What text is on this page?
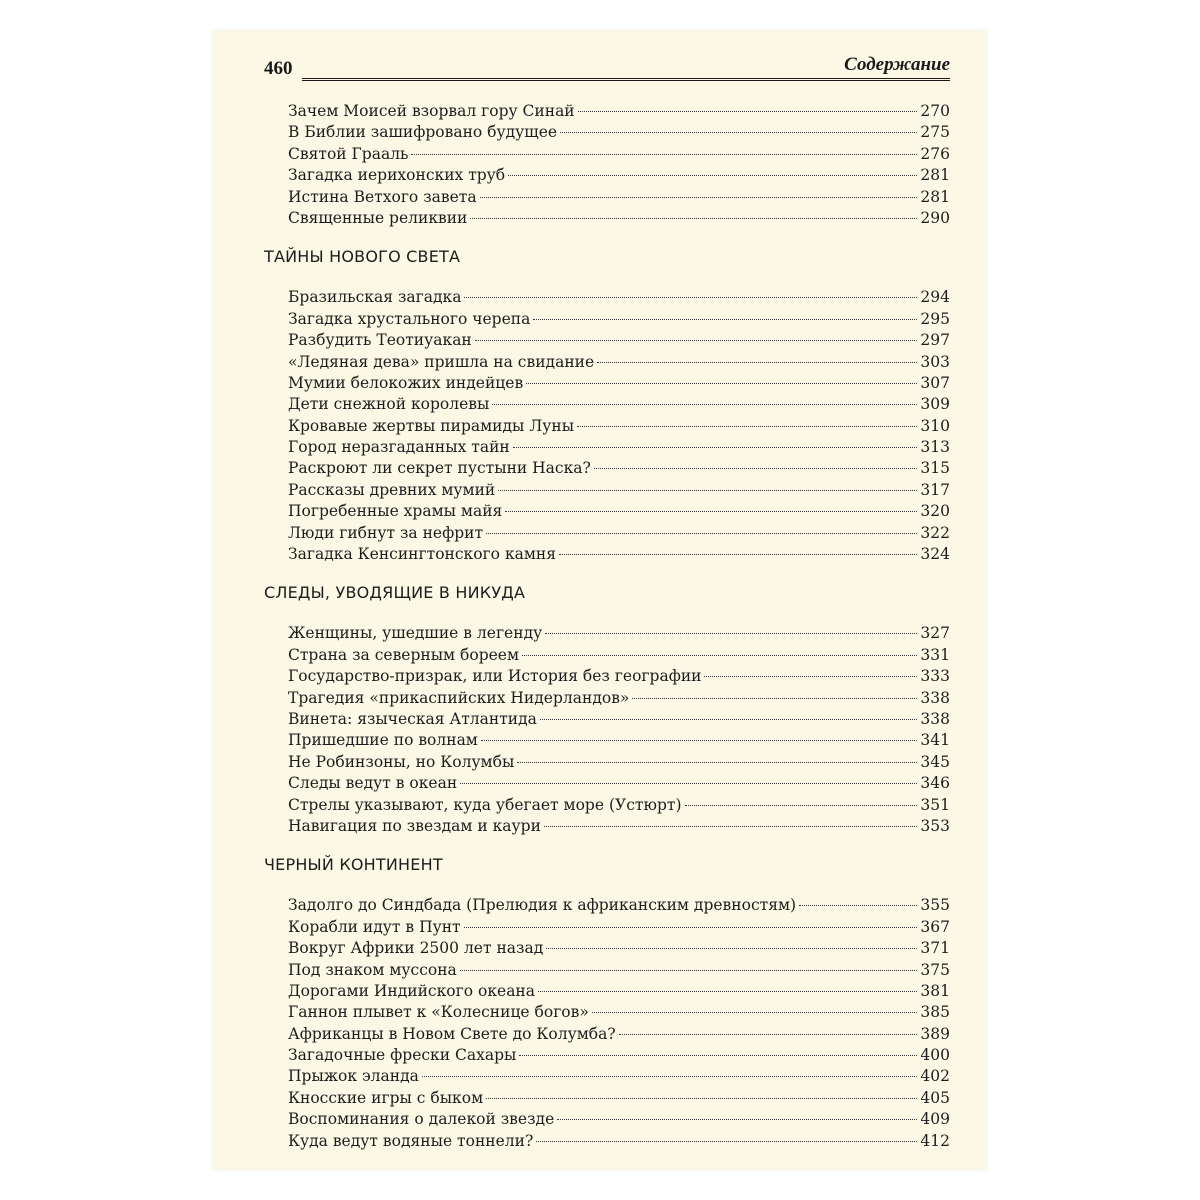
460	Содержание
Зачем Моисей взорвал гору Синай	270
В Библии зашифровано будущее	275
Святой Грааль	276
Загадка иерихонских труб	281
Истина Ветхого завета	281
Священные реликвии	290
ТАЙНЫ НОВОГО СВЕТА
Бразильская загадка	294
Загадка хрустального черепа	295
Разбудить Теотиуакан	297
«Ледяная дева» пришла на свидание	303
Мумии белокожих индейцев	307
Дети снежной королевы	309
Кровавые жертвы пирамиды Луны	310
Город неразгаданных тайн	313
Раскроют ли секрет пустыни Наска?	315
Рассказы древних мумий	317
Погребенные храмы майя	320
Люди гибнут за нефрит	322
Загадка Кенсингтонского камня	324
СЛЕДЫ, УВОДЯЩИЕ В НИКУДА
Женщины, ушедшие в легенду	327
Страна за северным бореем	331
Государство-призрак, или История без географии	333
Трагедия «прикаспийских Нидерландов»	338
Винета: языческая Атлантида	338
Пришедшие по волнам	341
Не Робинзоны, но Колумбы	345
Следы ведут в океан	346
Стрелы указывают, куда убегает море (Устюрт)	351
Навигация по звездам и каури	353
ЧЕРНЫЙ КОНТИНЕНТ
Задолго до Синдбада (Прелюдия к африканским древностям)	355
Корабли идут в Пунт	367
Вокруг Африки 2500 лет назад	371
Под знаком муссона	375
Дорогами Индийского океана	381
Ганнон плывет к «Колеснице богов»	385
Африканцы в Новом Свете до Колумба?	389
Загадочные фрески Сахары	400
Прыжок эланда	402
Кносские игры с быком	405
Воспоминания о далекой звезде	409
Куда ведут водяные тоннели?	412
